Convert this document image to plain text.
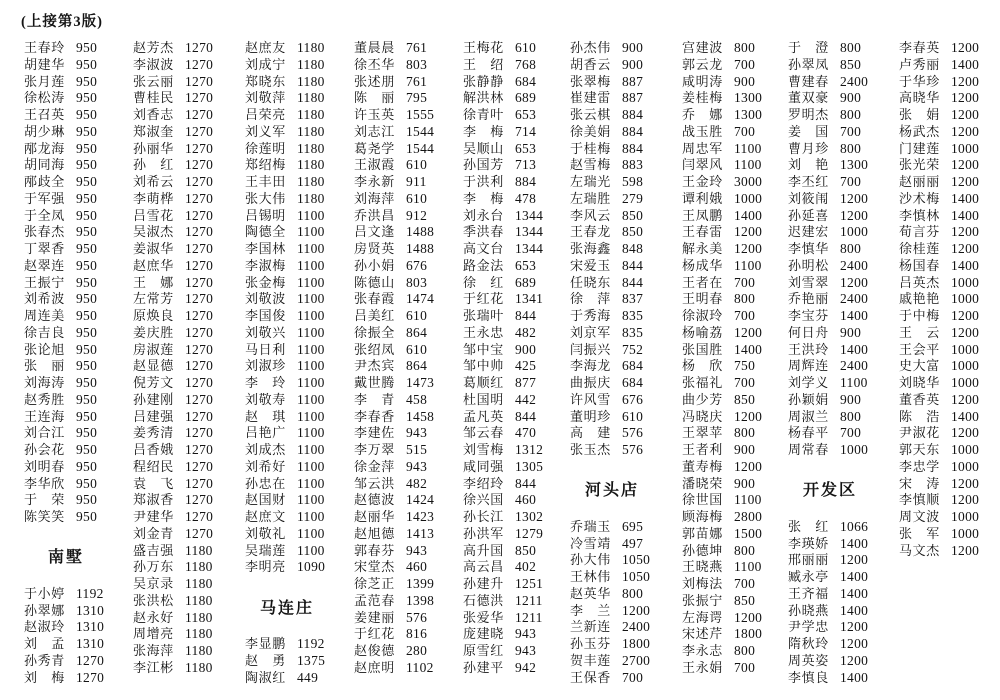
(上接第3版)
王春玲 950
胡建华 950
张月莲 950
徐松涛 950
王召英 950
胡少琳 950
邴龙海 950
胡同海 950
邴歧全 950
于军强 950
于全凤 950
张春杰 950
丁翠香 950
赵翠连 950
王振宁 950
刘希波 950
周连美 950
徐吉良 950
张论旭 950
张　丽 950
刘海涛 950
赵秀胜 950
王连海 950
刘合江 950
孙会花 950
刘明春 950
李华欣 950
于　荣 950
陈笑笑 950
南墅
于小婷 1192
孙翠娜 1310
赵淑玲 1310
刘　孟 1310
孙秀青 1270
刘　梅 1270
赵芳杰 1270
李淑波 1270
张云丽 1270
曹桂民 1270
刘香志 1270
郑淑奎 1270
孙丽华 1270
孙　红 1270
刘希云 1270
李萌桦 1270
吕雪花 1270
吴淑杰 1270
姜淑华 1270
赵庶华 1270
王　娜 1270
左常芳 1270
原焕良 1270
姜庆胜 1270
房淑莲 1270
赵显德 1270
倪芳文 1270
孙建刚 1270
吕建强 1270
姜秀清 1270
吕香娥 1270
程绍民 1270
袁　飞 1270
郑淑香 1270
尹建华 1270
刘金青 1270
盛吉强 1180
孙万东 1180
吴京录 1180
张洪松 1180
赵永好 1180
周增亮 1180
张海萍 1180
李江彬 1180
赵庶友 1180
刘成宁 1180
郑晓东 1180
刘敬萍 1180
吕荣亮 1180
刘义军 1180
徐莲明 1180
郑绍梅 1180
王丰田 1180
张大伟 1180
吕锡明 1100
陶德全 1100
李国林 1100
李淑梅 1100
张金梅 1100
刘敬波 1100
李国俊 1100
刘敬兴 1100
马日利 1100
刘淑珍 1100
李　玲 1100
刘敬寿 1100
赵　琪 1100
吕艳广 1100
刘成杰 1100
刘希好 1100
孙忠在 1100
赵国财 1100
赵庶文 1100
刘敬礼 1100
吴瑞莲 1100
李明亮 1090
马连庄
李显鹏 1192
赵　勇 1375
陶淑红 449
董晨晨 761
徐丕华 803
张述朋 761
陈　丽 795
许玉英 1555
刘志江 1544
葛尧学 1544
王淑霞 610
李永新 911
刘海萍 610
乔洪昌 912
吕文逢 1488
房贤英 1488
孙小娟 676
陈德山 803
张春霞 1474
吕美红 610
徐振全 864
张绍凤 610
尹杰宾 864
戴世腾 1473
李　青 458
李春香 1458
李建佐 943
李万翠 515
徐金萍 943
邹云洪 482
赵德波 1424
赵丽华 1423
赵旭德 1413
郭春芬 943
宋堂杰 460
徐芝正 1399
孟范春 1398
姜建丽 576
于红花 816
赵俊德 280
赵庶明 1102
王梅花 610
王　绍 768
张静静 684
解洪林 689
徐青叶 653
李　梅 714
吴顺山 653
孙国芳 713
于洪利 884
李　梅 478
刘永台 1344
季洪春 1344
高文台 1344
路金法 653
徐　红 689
于红花 1341
张瑞叶 844
王永忠 482
邹中宝 900
邹中帅 425
葛顺红 877
杜国明 442
孟凡英 844
邹云春 470
刘雪梅 1312
咸同强 1305
李绍玲 844
徐兴国 460
孙长江 1302
孙洪军 1279
高升国 850
高云昌 402
孙建升 1251
石德洪 1211
张爱华 1211
庞建晓 943
原雪红 943
孙建平 942
孙杰伟 900
胡香云 900
张翠梅 887
崔建雷 887
张云棋 884
徐美娟 884
于桂梅 884
赵雪梅 883
左瑞光 598
左瑞胜 279
李风云 850
王春龙 850
张海鑫 848
宋爱玉 844
任晓东 844
徐　萍 837
于秀海 835
刘京军 835
闫振兴 752
李海龙 684
曲振庆 684
许风雪 676
董明珍 610
高　建 576
张玉杰 576
河头店
乔瑞玉 695
冷雪靖 497
孙大伟 1050
王林伟 1050
赵英华 800
李　兰 1200
兰新连 2400
孙玉芬 1800
贺丰莲 2700
王保香 700
宫建波 800
郭云龙 700
咸明涛 900
姜桂梅 1300
乔　娜 1300
战玉胜 700
周忠军 1100
闫翠风 1100
王金玲 3000
谭利娥 1000
王凤鹏 1400
王春雷 1200
解永美 1200
杨成华 1100
王者在 700
王明春 800
徐淑玲 700
杨喻荔 1200
张国胜 1400
杨　欣 750
张福礼 700
曲少芳 850
冯晓庆 1200
王翠苹 800
王者利 900
董寿梅 1200
潘晓荣 900
徐世国 1100
顾海梅 2800
郭苗娜 1500
孙德坤 800
王晓燕 1100
刘梅法 700
张振宁 850
左海谔 1200
宋述芹 1800
李永志 800
王永娟 700
于　澄 800
孙翠凤 850
曹建春 2400
董双豪 900
罗明杰 800
姜　国 700
曹月珍 800
刘　艳 1300
李丕红 700
刘筱闱 1200
孙延喜 1200
迟建宏 1000
李慎华 800
孙明松 2400
刘雪翠 1200
乔艳丽 2400
李宝芬 1400
何日舟 900
王洪玲 1400
周辉连 2400
刘学义 1100
孙颖娟 900
周淑兰 800
杨春平 700
周常春 1000
开发区
张　红 1066
李瑛娇 1400
邢丽丽 1200
臧永亭 1400
王齐福 1400
孙晓燕 1400
尹学忠 1200
隋秋玲 1200
周英姿 1200
李慎良 1400
李春英 1200
卢秀丽 1400
于华珍 1200
高晓华 1200
张　娟 1200
杨武杰 1200
门建莲 1000
张光荣 1200
赵丽丽 1200
沙术梅 1400
李慎林 1400
荀言芬 1200
徐桂莲 1200
杨国春 1400
吕英杰 1000
戚艳艳 1000
于中梅 1200
王　云 1200
王会平 1000
史大富 1000
刘晓华 1000
董香英 1200
陈　浩 1400
尹淑花 1200
郭天东 1000
李忠学 1000
宋　涛 1200
李慎顺 1200
周文波 1000
张　军 1000
马文杰 1200
